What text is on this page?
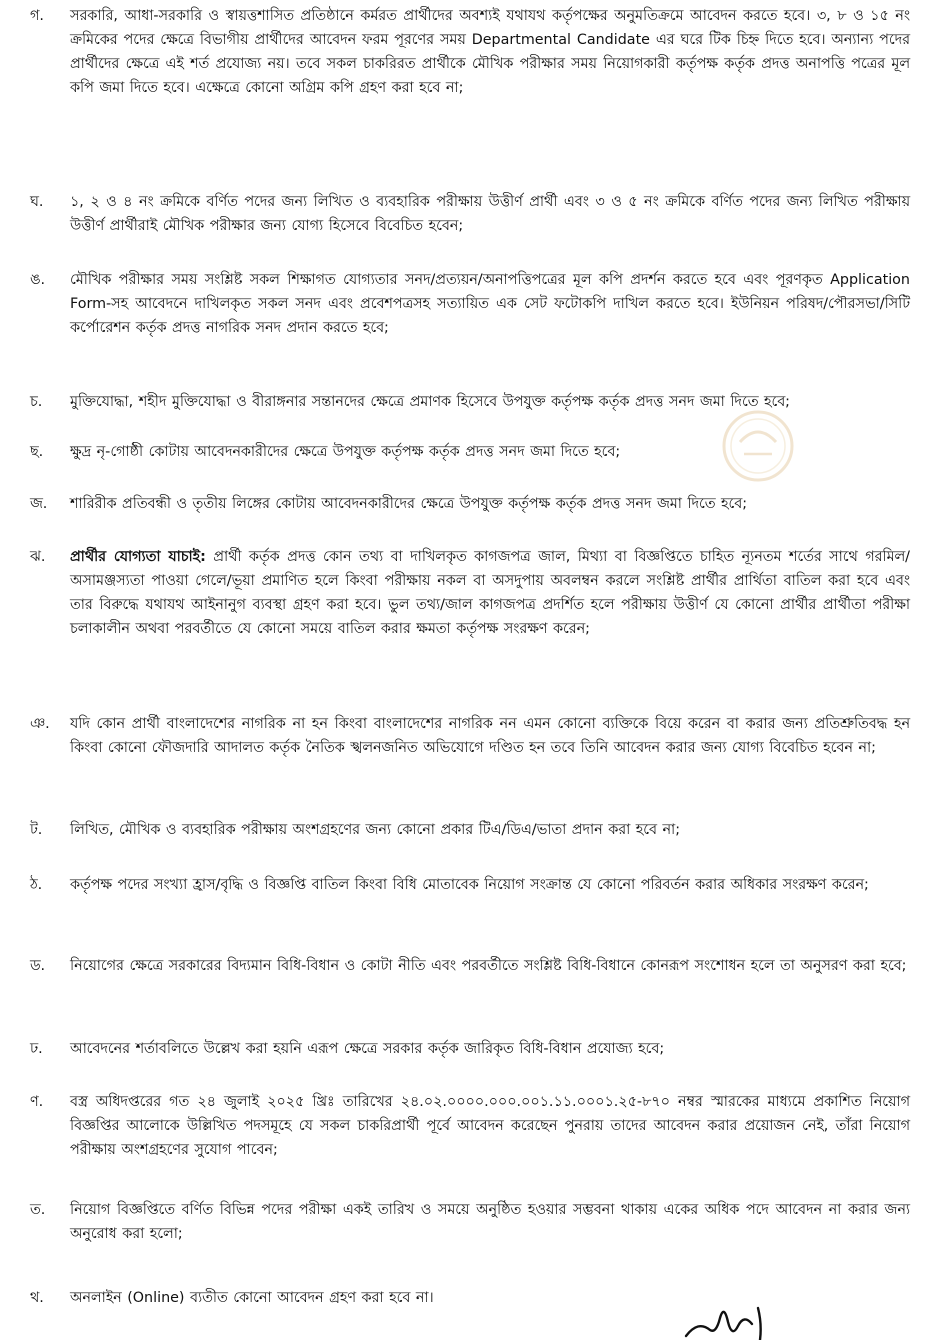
গ.	সরকারি, আধা-সরকারি ও স্বায়ত্তশাসিত প্রতিষ্ঠানে কর্মরত প্রার্থীদের অবশ্যই যথাযথ কর্তৃপক্ষের অনুমতিক্রমে আবেদন করতে হবে। ৩, ৮ ও ১৫ নং ক্রমিকের পদের ক্ষেত্রে বিভাগীয় প্রার্থীদের আবেদন ফরম পূরণের সময় Departmental Candidate এর ঘরে টিক চিহ্ন দিতে হবে। অন্যান্য পদের প্রার্থীদের ক্ষেত্রে এই শর্ত প্রযোজ্য নয়। তবে সকল চাকরিরত প্রার্থীকে মৌখিক পরীক্ষার সময় নিয়োগকারী কর্তৃপক্ষ কর্তৃক প্রদত্ত অনাপত্তি পত্রের মূল কপি জমা দিতে হবে। এক্ষেত্রে কোনো অগ্রিম কপি গ্রহণ করা হবে না;
ঘ.	১, ২ ও ৪ নং ক্রমিকে বর্ণিত পদের জন্য লিখিত ও ব্যবহারিক পরীক্ষায় উত্তীর্ণ প্রার্থী এবং ৩ ও ৫ নং ক্রমিকে বর্ণিত পদের জন্য লিখিত পরীক্ষায় উত্তীর্ণ প্রার্থীরাই মৌখিক পরীক্ষার জন্য যোগ্য হিসেবে বিবেচিত হবেন;
ঙ.	মৌখিক পরীক্ষার সময় সংশ্লিষ্ট সকল শিক্ষাগত যোগ্যতার সনদ/প্রত্যয়ন/অনাপত্তিপত্রের মূল কপি প্রদর্শন করতে হবে এবং পূরণকৃত Application Form-সহ আবেদনে দাখিলকৃত সকল সনদ এবং প্রবেশপত্রসহ সত্যায়িত এক সেট ফটোকপি দাখিল করতে হবে। ইউনিয়ন পরিষদ/পৌরসভা/সিটি কর্পোরেশন কর্তৃক প্রদত্ত নাগরিক সনদ প্রদান করতে হবে;
চ.	মুক্তিযোদ্ধা, শহীদ মুক্তিযোদ্ধা ও বীরাঙ্গনার সন্তানদের ক্ষেত্রে প্রমাণক হিসেবে উপযুক্ত কর্তৃপক্ষ কর্তৃক প্রদত্ত সনদ জমা দিতে হবে;
ছ.	ক্ষুদ্র নৃ-গোষ্ঠী কোটায় আবেদনকারীদের ক্ষেত্রে উপযুক্ত কর্তৃপক্ষ কর্তৃক প্রদত্ত সনদ জমা দিতে হবে;
জ.	শারিরীক প্রতিবন্ধী ও তৃতীয় লিঙ্গের কোটায় আবেদনকারীদের ক্ষেত্রে উপযুক্ত কর্তৃপক্ষ কর্তৃক প্রদত্ত সনদ জমা দিতে হবে;
ঝ.	প্রার্থীর যোগ্যতা যাচাই: প্রার্থী কর্তৃক প্রদত্ত কোন তথ্য বা দাখিলকৃত কাগজপত্র জাল, মিথ্যা বা বিজ্ঞপ্তিতে চাহিত ন্যূনতম শর্তের সাথে গরমিল/অসামঞ্জস্যতা পাওয়া গেলে/ভূয়া প্রমাণিত হলে কিংবা পরীক্ষায় নকল বা অসদুপায় অবলম্বন করলে সংশ্লিষ্ট প্রার্থীর প্রার্থিতা বাতিল করা হবে এবং তার বিরুদ্ধে যথাযথ আইনানুগ ব্যবস্থা গ্রহণ করা হবে। ভুল তথ্য/জাল কাগজপত্র প্রদর্শিত হলে পরীক্ষায় উত্তীর্ণ যে কোনো প্রার্থীর প্রার্থীতা পরীক্ষা চলাকালীন অথবা পরবর্তীতে যে কোনো সময়ে বাতিল করার ক্ষমতা কর্তৃপক্ষ সংরক্ষণ করেন;
ঞ.	যদি কোন প্রার্থী বাংলাদেশের নাগরিক না হন কিংবা বাংলাদেশের নাগরিক নন এমন কোনো ব্যক্তিকে বিয়ে করেন বা করার জন্য প্রতিশ্রুতিবদ্ধ হন কিংবা কোনো ফৌজদারি আদালত কর্তৃক নৈতিক স্খলনজনিত অভিযোগে দণ্ডিত হন তবে তিনি আবেদন করার জন্য যোগ্য বিবেচিত হবেন না;
ট.	লিখিত, মৌখিক ও ব্যবহারিক পরীক্ষায় অংশগ্রহণের জন্য কোনো প্রকার টিএ/ডিএ/ভাতা প্রদান করা হবে না;
ঠ.	কর্তৃপক্ষ পদের সংখ্যা হ্রাস/বৃদ্ধি ও বিজ্ঞপ্তি বাতিল কিংবা বিধি মোতাবেক নিয়োগ সংক্রান্ত যে কোনো পরিবর্তন করার অধিকার সংরক্ষণ করেন;
ড.	নিয়োগের ক্ষেত্রে সরকারের বিদ্যমান বিধি-বিধান ও কোটা নীতি এবং পরবর্তীতে সংশ্লিষ্ট বিধি-বিধানে কোনরূপ সংশোধন হলে তা অনুসরণ করা হবে;
ঢ.	আবেদনের শর্তাবলিতে উল্লেখ করা হয়নি এরূপ ক্ষেত্রে সরকার কর্তৃক জারিকৃত বিধি-বিধান প্রযোজ্য হবে;
ণ.	বস্ত্র অধিদপ্তরের গত ২৪ জুলাই ২০২৫ খ্রিঃ তারিখের ২৪.০২.০০০০.০০০.০০১.১১.০০০১.২৫-৮৭০ নম্বর স্মারকের মাধ্যমে প্রকাশিত নিয়োগ বিজ্ঞপ্তির আলোকে উল্লিখিত পদসমূহে যে সকল চাকরিপ্রার্থী পূর্বে আবেদন করেছেন পুনরায় তাদের আবেদন করার প্রয়োজন নেই, তাঁরা নিয়োগ পরীক্ষায় অংশগ্রহণের সুযোগ পাবেন;
ত.	নিয়োগ বিজ্ঞপ্তিতে বর্ণিত বিভিন্ন পদের পরীক্ষা একই তারিখ ও সময়ে অনুষ্ঠিত হওয়ার সম্ভবনা থাকায় একের অধিক পদে আবেদন না করার জন্য অনুরোধ করা হলো;
থ.	অনলাইন (Online) ব্যতীত কোনো আবেদন গ্রহণ করা হবে না।
